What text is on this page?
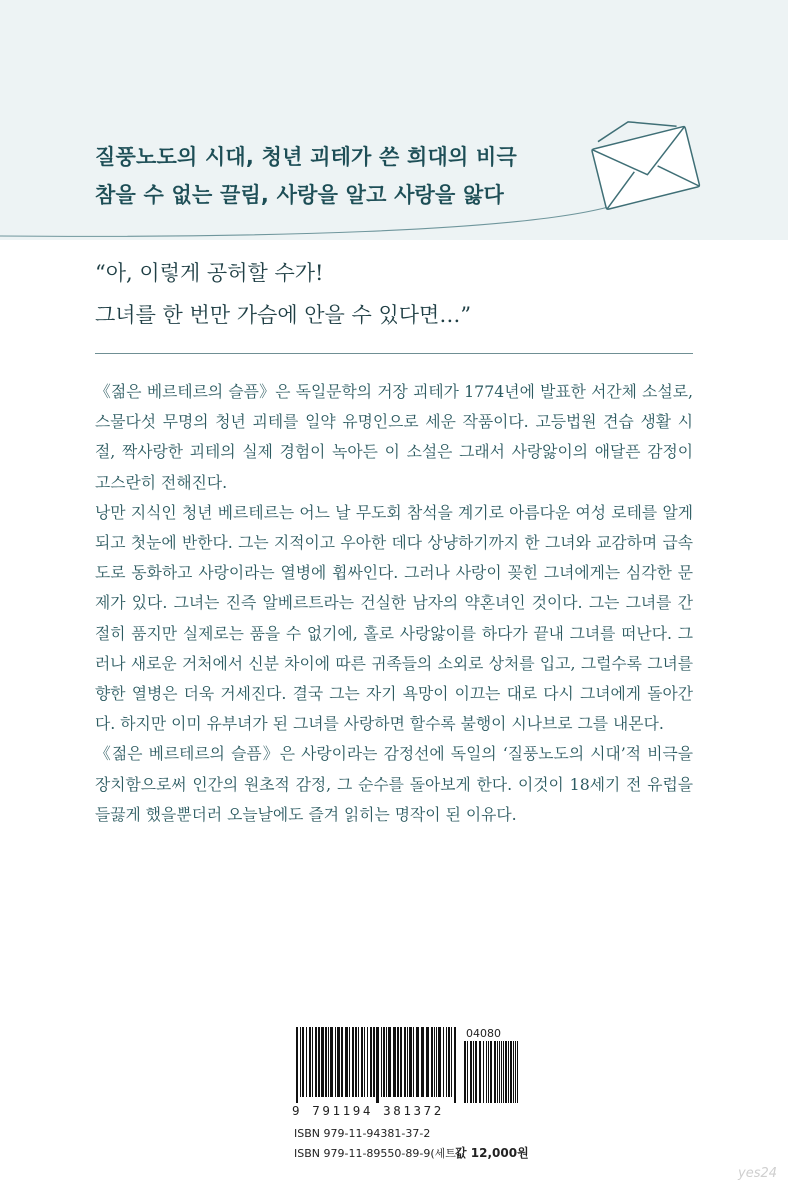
질풍노도의 시대, 청년 괴테가 쓴 희대의 비극
참을 수 없는 끌림, 사랑을 알고 사랑을 앓다
“아, 이렇게 공허할 수가!
그녀를 한 번만 가슴에 안을 수 있다면…”

《젊은 베르테르의 슬픔》은 독일문학의 거장 괴테가 1774년에 발표한 서간체 소설로, 스물다섯 무명의 청년 괴테를 일약 유명인으로 세운 작품이다. 고등법원 견습 생활 시절, 짝사랑한 괴테의 실제 경험이 녹아든 이 소설은 그래서 사랑앓이의 애달픈 감정이 고스란히 전해진다.

낭만 지식인 청년 베르테르는 어느 날 무도회 참석을 계기로 아름다운 여성 로테를 알게 되고 첫눈에 반한다. 그는 지적이고 우아한 데다 상냥하기까지 한 그녀와 교감하며 급속도로 동화하고 사랑이라는 열병에 휩싸인다. 그러나 사랑이 꽂힌 그녀에게는 심각한 문제가 있다. 그녀는 진즉 알베르트라는 건실한 남자의 약혼녀인 것이다. 그는 그녀를 간절히 품지만 실제로는 품을 수 없기에, 홀로 사랑앓이를 하다가 끝내 그녀를 떠난다. 그러나 새로운 거처에서 신분 차이에 따른 귀족들의 소외로 상처를 입고, 그럴수록 그녀를 향한 열병은 더욱 거세진다. 결국 그는 자기 욕망이 이끄는 대로 다시 그녀에게 돌아간다. 하지만 이미 유부녀가 된 그녀를 사랑하면 할수록 불행이 시나브로 그를 내몬다.

《젊은 베르테르의 슬픔》은 사랑이라는 감정선에 독일의 ‘질풍노도의 시대’적 비극을 장치함으로써 인간의 원초적 감정, 그 순수를 돌아보게 한다. 이것이 18세기 전 유럽을 들끓게 했을뿐더러 오늘날에도 즐겨 읽히는 명작이 된 이유다.

04080
9 791194 381372
ISBN 979-11-94381-37-2
ISBN 979-11-89550-89-9(세트)
값 12,000원
yes24
